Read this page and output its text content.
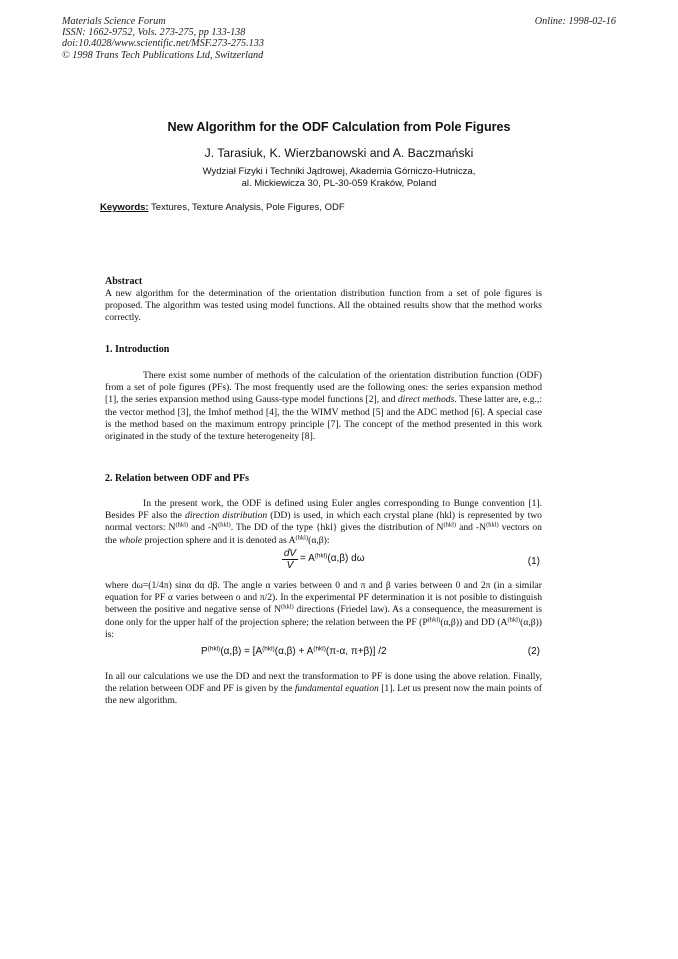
Materials Science Forum
ISSN: 1662-9752, Vols. 273-275, pp 133-138
doi:10.4028/www.scientific.net/MSF.273-275.133
© 1998 Trans Tech Publications Ltd, Switzerland
Online: 1998-02-16
New Algorithm for the ODF Calculation from Pole Figures
J. Tarasiuk, K. Wierzbanowski and A. Baczmański
Wydział Fizyki i Techniki Jądrowej, Akademia Górniczo-Hutnicza,
al. Mickiewicza 30, PL-30-059 Kraków, Poland
Keywords: Textures, Texture Analysis, Pole Figures, ODF
Abstract
A new algorithm for the determination of the orientation distribution function from a set of pole figures is proposed. The algorithm was tested using model functions. All the obtained results show that the method works correctly.
1. Introduction
There exist some number of methods of the calculation of the orientation distribution function (ODF) from a set of pole figures (PFs). The most frequently used are the following ones: the series expansion method [1], the series expansion method using Gauss-type model functions [2], and direct methods. These latter are, e.g.,: the vector method [3], the Imhof method [4], the the WIMV method [5] and the ADC method [6]. A special case is the method based on the maximum entropy principle [7]. The concept of the method presented in this work originated in the study of the texture heterogeneity [8].
2. Relation between ODF and PFs
In the present work, the ODF is defined using Euler angles corresponding to Bunge convention [1]. Besides PF also the direction distribution (DD) is used, in which each crystal plane (hkl) is represented by two normal vectors: $N^{(hkl)}$ and $-N^{(hkl)}$. The DD of the type {hkl} gives the distribution of $N^{(hkl)}$ and $-N^{(hkl)}$ vectors on the whole projection sphere and it is denoted as $A^{(hkl)}(\alpha,\beta)$:
$\frac{dV}{V} = A^{(hkl)}(\alpha,\beta)$ dω	(1)
where dω=(1/4π) sinα dα dβ. The angle α varies between 0 and π and β varies between 0 and 2π (in a similar equation for PF α varies between o and π/2). In the experimental PF determination it is not posible to distinguish between the positive and negative sense of $N^{(hkl)}$ directions (Friedel law). As a consequence, the measurement is done only for the upper half of the projection sphere; the relation between the PF $(P^{(hkl)}(\alpha,\beta))$ and DD $(A^{(hkl)}(\alpha,\beta))$ is:
$P^{(hkl)}(\alpha,\beta) = [A^{(hkl)}(\alpha,\beta) + A^{(hkl)}(\pi-\alpha$, π+β)] /2	(2)
In all our calculations we use the DD and next the transformation to PF is done using the above relation. Finally, the relation between ODF and PF is given by the fundamental equation [1]. Let us present now the main points of the new algorithm.
